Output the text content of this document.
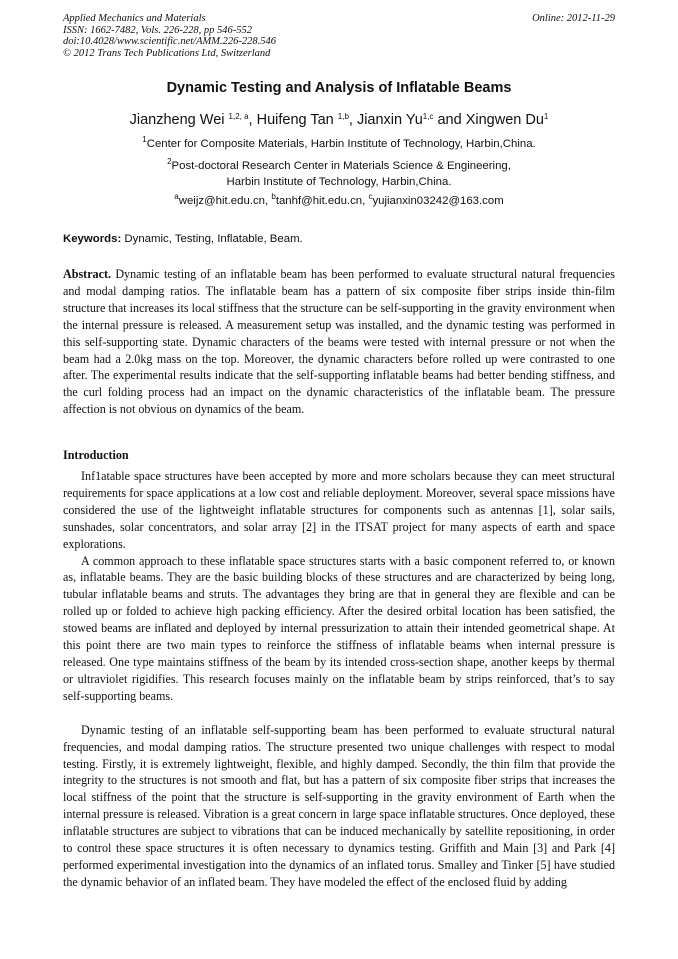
Applied Mechanics and Materials
ISSN: 1662-7482, Vols. 226-228, pp 546-552
doi:10.4028/www.scientific.net/AMM.226-228.546
© 2012 Trans Tech Publications Ltd, Switzerland
Online: 2012-11-29
Dynamic Testing and Analysis of Inflatable Beams
Jianzheng Wei $^{1,2, a}$, Huifeng Tan $^{1,b}$, Jianxin Yu$^{1,c}$ and Xingwen Du$^1$
$^1$Center for Composite Materials, Harbin Institute of Technology, Harbin,China.
$^2$Post-doctoral Research Center in Materials Science & Engineering,
Harbin Institute of Technology, Harbin,China.
$^a$weijz@hit.edu.cn, $^b$tanhf@hit.edu.cn, $^c$yujianxin03242@163.com
Keywords: Dynamic, Testing, Inflatable, Beam.

Abstract. Dynamic testing of an inflatable beam has been performed to evaluate structural natural frequencies and modal damping ratios. The inflatable beam has a pattern of six composite fiber strips inside thin-film structure that increases its local stiffness that the structure can be self-supporting in the gravity environment when the internal pressure is released. A measurement setup was installed, and the dynamic testing was performed in this self-supporting state. Dynamic characters of the beams were tested with internal pressure or not when the beam had a 2.0kg mass on the top. Moreover, the dynamic characters before rolled up were contrasted to one after. The experimental results indicate that the self-supporting inflatable beams had better bending stiffness, and the curl folding process had an impact on the dynamic characteristics of the inflatable beam. The pressure affection is not obvious on dynamics of the beam.

Introduction

Inf1atable space structures have been accepted by more and more scholars because they can meet structural requirements for space applications at a low cost and reliable deployment. Moreover, several space missions have considered the use of the lightweight inflatable structures for components such as antennas [1], solar sails, sunshades, solar concentrators, and solar array [2] in the ITSAT project for many aspects of earth and space explorations.

A common approach to these inflatable space structures starts with a basic component referred to, or known as, inflatable beams. They are the basic building blocks of these structures and are characterized by being long, tubular inflatable beams and struts. The advantages they bring are that in general they are flexible and can be rolled up or folded to achieve high packing efficiency. After the desired orbital location has been satisfied, the stowed beams are inflated and deployed by internal pressurization to attain their intended geometrical shape. At this point there are two main types to reinforce the stiffness of inflatable beams when internal pressure is released. One type maintains stiffness of the beam by its intended cross-section shape, another keeps by thermal or ultraviolet rigidifies. This research focuses mainly on the inflatable beam by strips reinforced, that’s to say self-supporting beams.

Dynamic testing of an inflatable self-supporting beam has been performed to evaluate structural natural frequencies, and modal damping ratios. The structure presented two unique challenges with respect to modal testing. Firstly, it is extremely lightweight, flexible, and highly damped. Secondly, the thin film that provide the integrity to the structures is not smooth and flat, but has a pattern of six composite fiber strips that increases the local stiffness of the point that the structure is self-supporting in the gravity environment of Earth when the internal pressure is released. Vibration is a great concern in large space inflatable structures. Once deployed, these inflatable structures are subject to vibrations that can be induced mechanically by satellite repositioning, in order to control these space structures it is often necessary to dynamics testing. Griffith and Main [3] and Park [4] performed experimental investigation into the dynamics of an inflated torus. Smalley and Tinker [5] have studied the dynamic behavior of an inflated beam. They have modeled the effect of the enclosed fluid by adding
